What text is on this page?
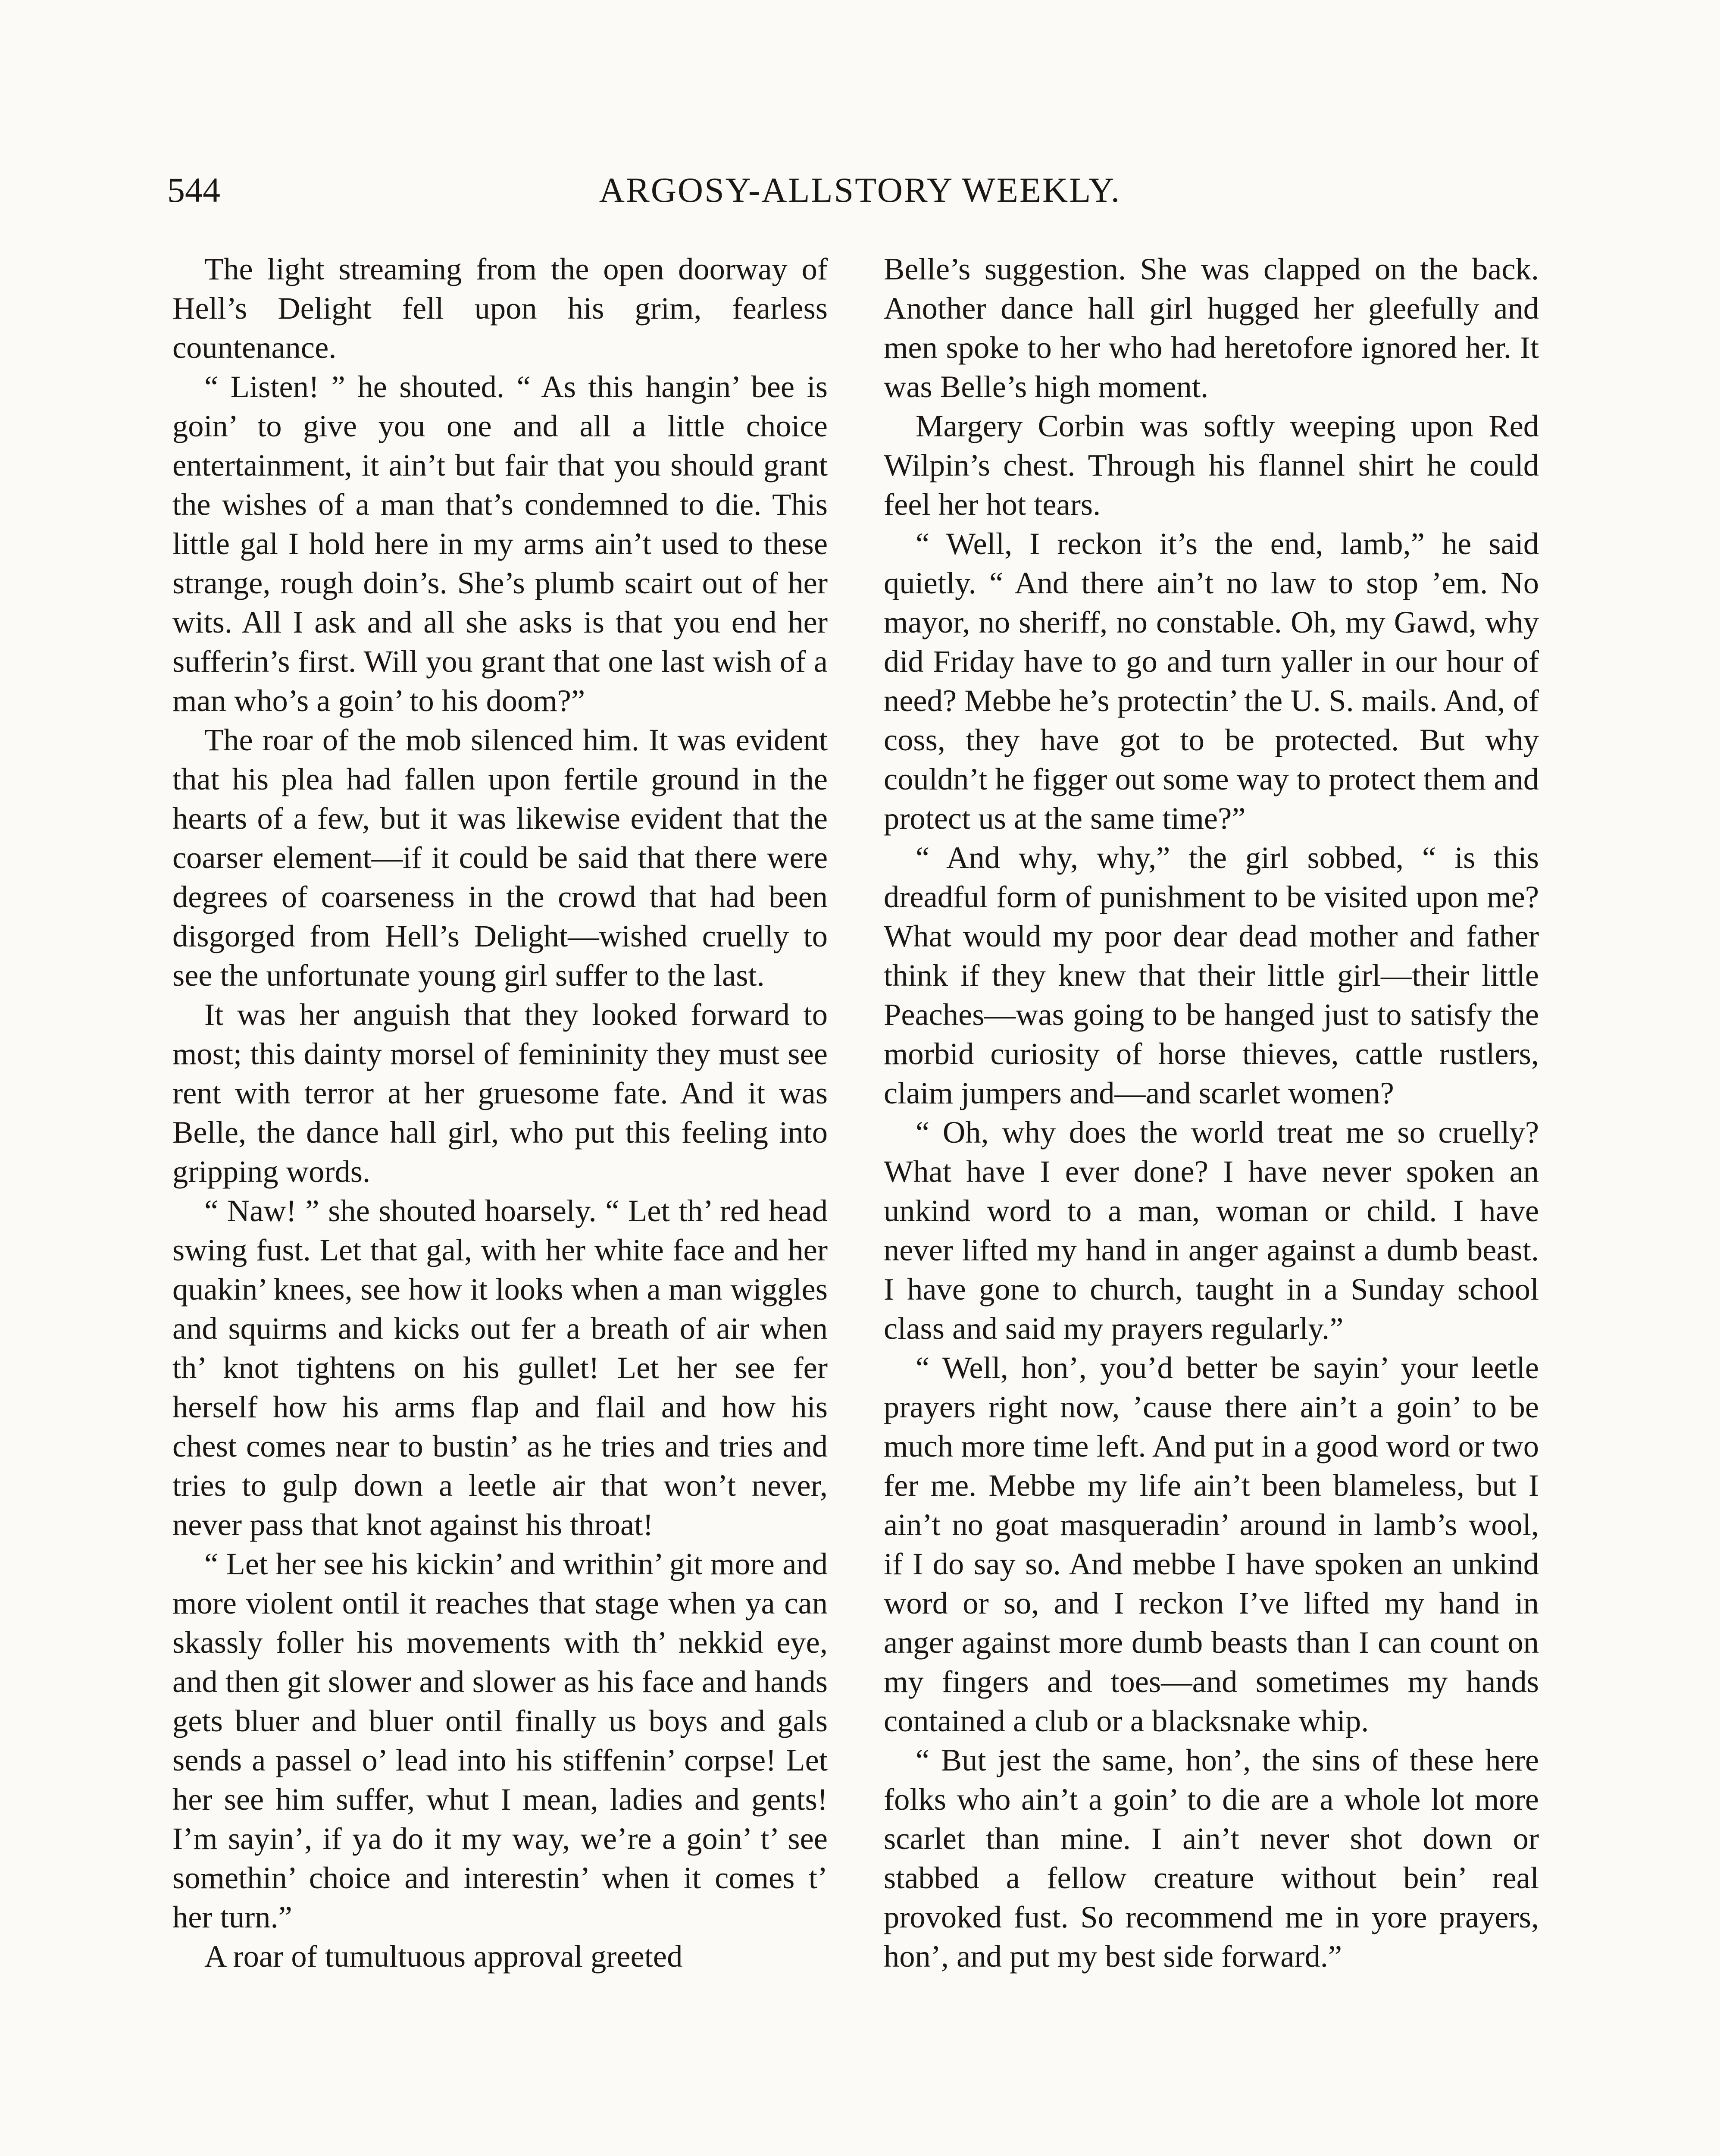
544	ARGOSY-ALLSTORY WEEKLY.

The light streaming from the open doorway of Hell’s Delight fell upon his grim, fearless countenance.

“ Listen! ” he shouted. “ As this hangin’ bee is goin’ to give you one and all a little choice entertainment, it ain’t but fair that you should grant the wishes of a man that’s condemned to die. This little gal I hold here in my arms ain’t used to these strange, rough doin’s. She’s plumb scairt out of her wits. All I ask and all she asks is that you end her sufferin’s first. Will you grant that one last wish of a man who’s a goin’ to his doom?”

The roar of the mob silenced him. It was evident that his plea had fallen upon fertile ground in the hearts of a few, but it was likewise evident that the coarser element—if it could be said that there were degrees of coarseness in the crowd that had been disgorged from Hell’s Delight—wished cruelly to see the unfortunate young girl suffer to the last.

It was her anguish that they looked forward to most; this dainty morsel of femininity they must see rent with terror at her gruesome fate. And it was Belle, the dance hall girl, who put this feeling into gripping words.

“ Naw! ” she shouted hoarsely. “ Let th’ red head swing fust. Let that gal, with her white face and her quakin’ knees, see how it looks when a man wiggles and squirms and kicks out fer a breath of air when th’ knot tightens on his gullet! Let her see fer herself how his arms flap and flail and how his chest comes near to bustin’ as he tries and tries and tries to gulp down a leetle air that won’t never, never pass that knot against his throat!

“ Let her see his kickin’ and writhin’ git more and more violent ontil it reaches that stage when ya can skassly foller his movements with th’ nekkid eye, and then git slower and slower as his face and hands gets bluer and bluer ontil finally us boys and gals sends a passel o’ lead into his stiffenin’ corpse! Let her see him suffer, whut I mean, ladies and gents! I’m sayin’, if ya do it my way, we’re a goin’ t’ see somethin’ choice and interestin’ when it comes t’ her turn.”

A roar of tumultuous approval greeted

Belle’s suggestion. She was clapped on the back. Another dance hall girl hugged her gleefully and men spoke to her who had heretofore ignored her. It was Belle’s high moment.

Margery Corbin was softly weeping upon Red Wilpin’s chest. Through his flannel shirt he could feel her hot tears.

“ Well, I reckon it’s the end, lamb,” he said quietly. “ And there ain’t no law to stop ’em. No mayor, no sheriff, no constable. Oh, my Gawd, why did Friday have to go and turn yaller in our hour of need? Mebbe he’s protectin’ the U. S. mails. And, of coss, they have got to be protected. But why couldn’t he figger out some way to protect them and protect us at the same time?”

“ And why, why,” the girl sobbed, “ is this dreadful form of punishment to be visited upon me? What would my poor dear dead mother and father think if they knew that their little girl—their little Peaches—was going to be hanged just to satisfy the morbid curiosity of horse thieves, cattle rustlers, claim jumpers and—and scarlet women?

“ Oh, why does the world treat me so cruelly? What have I ever done? I have never spoken an unkind word to a man, woman or child. I have never lifted my hand in anger against a dumb beast. I have gone to church, taught in a Sunday school class and said my prayers regularly.”

“ Well, hon’, you’d better be sayin’ your leetle prayers right now, ’cause there ain’t a goin’ to be much more time left. And put in a good word or two fer me. Mebbe my life ain’t been blameless, but I ain’t no goat masqueradin’ around in lamb’s wool, if I do say so. And mebbe I have spoken an unkind word or so, and I reckon I’ve lifted my hand in anger against more dumb beasts than I can count on my fingers and toes—and sometimes my hands contained a club or a blacksnake whip.

“ But jest the same, hon’, the sins of these here folks who ain’t a goin’ to die are a whole lot more scarlet than mine. I ain’t never shot down or stabbed a fellow creature without bein’ real provoked fust. So recommend me in yore prayers, hon’, and put my best side forward.”
